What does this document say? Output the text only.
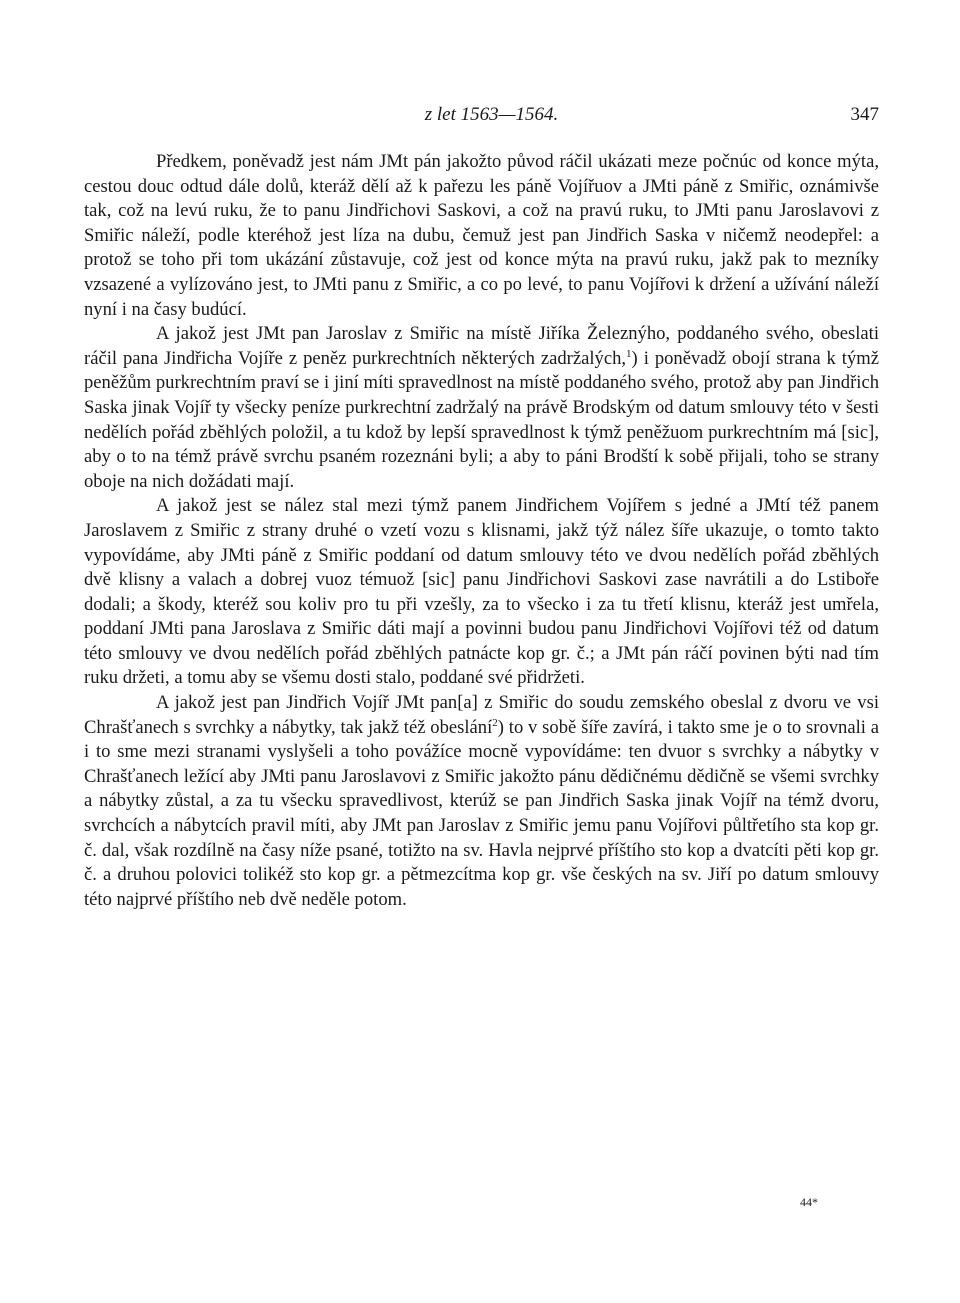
z let 1563—1564.	347

Předkem, poněvadž jest nám JMt pán jakožto původ ráčil ukázati meze počnúc od konce mýta, cestou douc odtud dále dolů, kteráž dělí až k pařezu les páně Vojířuov a JMti páně z Smiřic, oznámivše tak, což na levú ruku, že to panu Jindřichovi Saskovi, a což na pravú ruku, to JMti panu Jaroslavovi z Smiřic náleží, podle kteréhož jest líza na dubu, čemuž jest pan Jindřich Saska v ničemž neodepřel: a protož se toho při tom ukázání zůstavuje, což jest od konce mýta na pravú ruku, jakž pak to mezníky vzsazené a vylízováno jest, to JMti panu z Smiřic, a co po levé, to panu Vojířovi k držení a užívání náleží nyní i na časy budúcí.

A jakož jest JMt pan Jaroslav z Smiřic na místě Jiříka Železnýho, poddaného svého, obeslati ráčil pana Jindřicha Vojíře z peněz purkrechtních některých zadržalých,$^1$) i poněvadž obojí strana k týmž peněžům purkrechtním praví se i jiní míti spravedlnost na místě poddaného svého, protož aby pan Jindřich Saska jinak Vojíř ty všecky peníze purkrechtní zadržalý na právě Brodským od datum smlouvy této v šesti nedělích pořád zběhlých položil, a tu kdož by lepší spravedlnost k týmž peněžuom purkrechtním má [sic], aby o to na témž právě svrchu psaném rozeznáni byli; a aby to páni Brodští k sobě přijali, toho se strany oboje na nich dožádati mají.

A jakož jest se nález stal mezi týmž panem Jindřichem Vojířem s jedné a JMtí též panem Jaroslavem z Smiřic z strany druhé o vzetí vozu s klisnami, jakž týž nález šíře ukazuje, o tomto takto vypovídáme, aby JMti páně z Smiřic poddaní od datum smlouvy této ve dvou nedělích pořád zběhlých dvě klisny a valach a dobrej vuoz témuož [sic] panu Jindřichovi Saskovi zase navrátili a do Lstiboře dodali; a škody, kteréž sou koliv pro tu při vzešly, za to všecko i za tu třetí klisnu, kteráž jest umřela, poddaní JMti pana Jaroslava z Smiřic dáti mají a povinni budou panu Jindřichovi Vojířovi též od datum této smlouvy ve dvou nedělích pořád zběhlých patnácte kop gr. č.; a JMt pán ráčí povinen býti nad tím ruku držeti, a tomu aby se všemu dosti stalo, poddané své přidržeti.

A jakož jest pan Jindřich Vojíř JMt pan[a] z Smiřic do soudu zemského obeslal z dvoru ve vsi Chrašťanech s svrchky a nábytky, tak jakž též obeslání$^2$) to v sobě šíře zavírá, i takto sme je o to srovnali a i to sme mezi stranami vyslyšeli a toho povážíce mocně vypovídáme: ten dvuor s svrchky a nábytky v Chrašťanech ležící aby JMti panu Jaroslavovi z Smiřic jakožto pánu dědičnému dědičně se všemi svrchky a nábytky zůstal, a za tu všecku spravedlivost, kterúž se pan Jindřich Saska jinak Vojíř na témž dvoru, svrchcích a nábytcích pravil míti, aby JMt pan Jaroslav z Smiřic jemu panu Vojířovi půltřetího sta kop gr. č. dal, však rozdílně na časy níže psané, totižto na sv. Havla nejprvé příštího sto kop a dvatcíti pěti kop gr. č. a druhou polovici tolikéž sto kop gr. a pětmezcítma kop gr. vše českých na sv. Jiří po datum smlouvy této najprvé příštího neb dvě neděle potom.

44*
